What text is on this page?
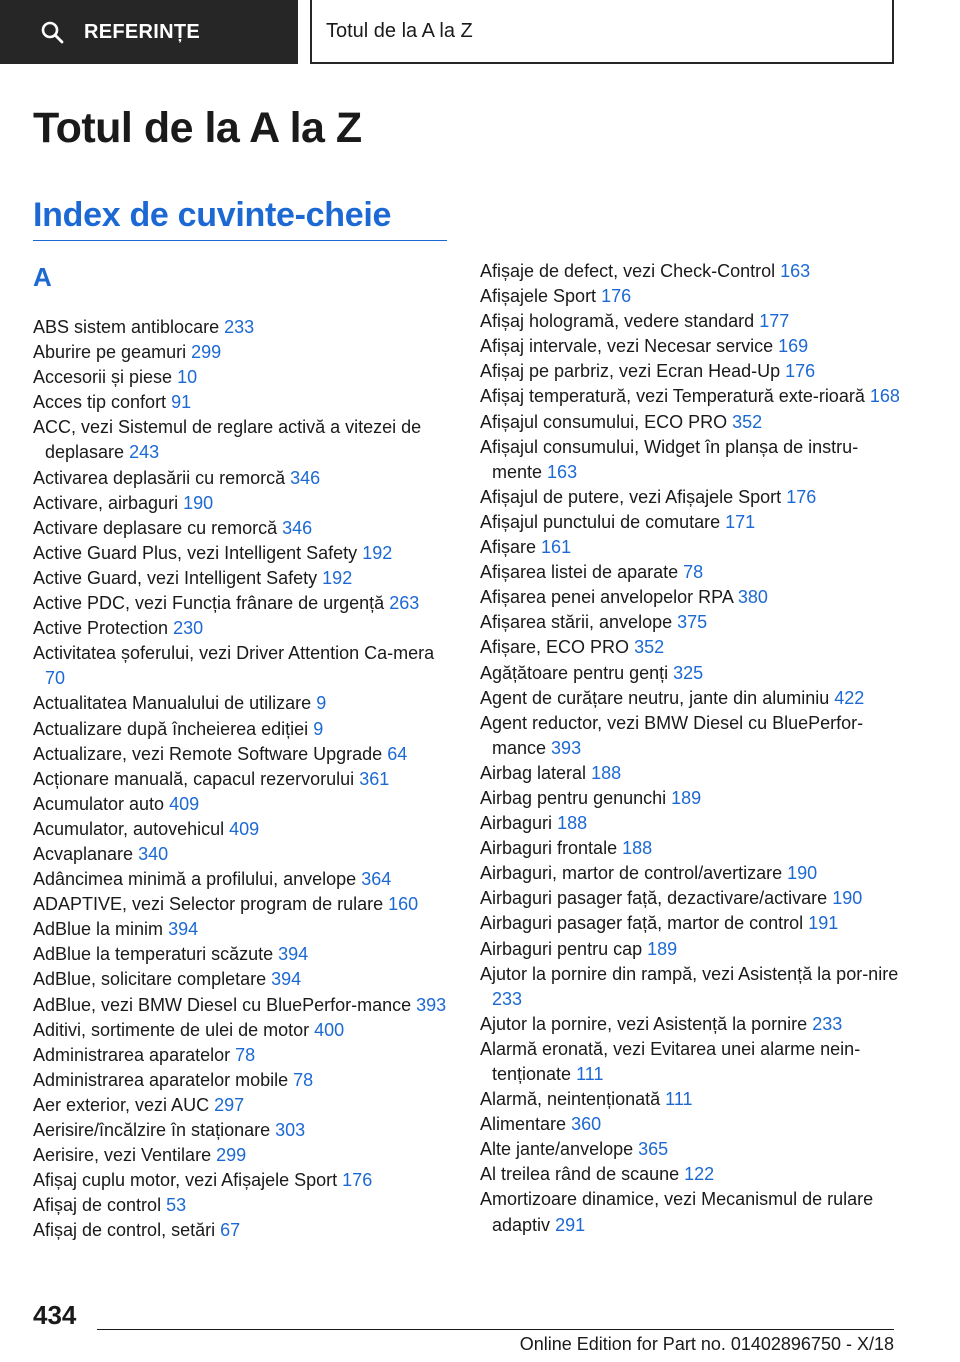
REFERINȚE	Totul de la A la Z
Totul de la A la Z
Index de cuvinte-cheie
A
ABS sistem antiblocare 233
Aburire pe geamuri 299
Accesorii și piese 10
Acces tip confort 91
ACC, vezi Sistemul de reglare activă a vitezei de deplasare 243
Activarea deplasării cu remorcă 346
Activare, airbaguri 190
Activare deplasare cu remorcă 346
Active Guard Plus, vezi Intelligent Safety 192
Active Guard, vezi Intelligent Safety 192
Active PDC, vezi Funcția frânare de urgență 263
Active Protection 230
Activitatea șoferului, vezi Driver Attention Ca-mera 70
Actualitatea Manualului de utilizare 9
Actualizare după încheierea ediției 9
Actualizare, vezi Remote Software Upgrade 64
Acționare manuală, capacul rezervorului 361
Acumulator auto 409
Acumulator, autovehicul 409
Acvaplanare 340
Adâncimea minimă a profilului, anvelope 364
ADAPTIVE, vezi Selector program de rulare 160
AdBlue la minim 394
AdBlue la temperaturi scăzute 394
AdBlue, solicitare completare 394
AdBlue, vezi BMW Diesel cu BluePerfor-mance 393
Aditivi, sortimente de ulei de motor 400
Administrarea aparatelor 78
Administrarea aparatelor mobile 78
Aer exterior, vezi AUC 297
Aerisire/încălzire în staționare 303
Aerisire, vezi Ventilare 299
Afișaj cuplu motor, vezi Afișajele Sport 176
Afișaj de control 53
Afișaj de control, setări 67
Afișaje de defect, vezi Check-Control 163
Afișajele Sport 176
Afișaj hologramă, vedere standard 177
Afișaj intervale, vezi Necesar service 169
Afișaj pe parbriz, vezi Ecran Head-Up 176
Afișaj temperatură, vezi Temperatură exte-rioară 168
Afișajul consumului, ECO PRO 352
Afișajul consumului, Widget în planșa de instru-mente 163
Afișajul de putere, vezi Afișajele Sport 176
Afișajul punctului de comutare 171
Afișare 161
Afișarea listei de aparate 78
Afișarea penei anvelopelor RPA 380
Afișarea stării, anvelope 375
Afișare, ECO PRO 352
Agățătoare pentru genți 325
Agent de curățare neutru, jante din aluminiu 422
Agent reductor, vezi BMW Diesel cu BluePerfor-mance 393
Airbag lateral 188
Airbag pentru genunchi 189
Airbaguri 188
Airbaguri frontale 188
Airbaguri, martor de control/avertizare 190
Airbaguri pasager față, dezactivare/activare 190
Airbaguri pasager față, martor de control 191
Airbaguri pentru cap 189
Ajutor la pornire din rampă, vezi Asistență la por-nire 233
Ajutor la pornire, vezi Asistență la pornire 233
Alarmă eronată, vezi Evitarea unei alarme nein-tenționate 111
Alarmă, neintenționată 111
Alimentare 360
Alte jante/anvelope 365
Al treilea rând de scaune 122
Amortizoare dinamice, vezi Mecanismul de rulare adaptiv 291
434
Online Edition for Part no. 01402896750 - X/18
